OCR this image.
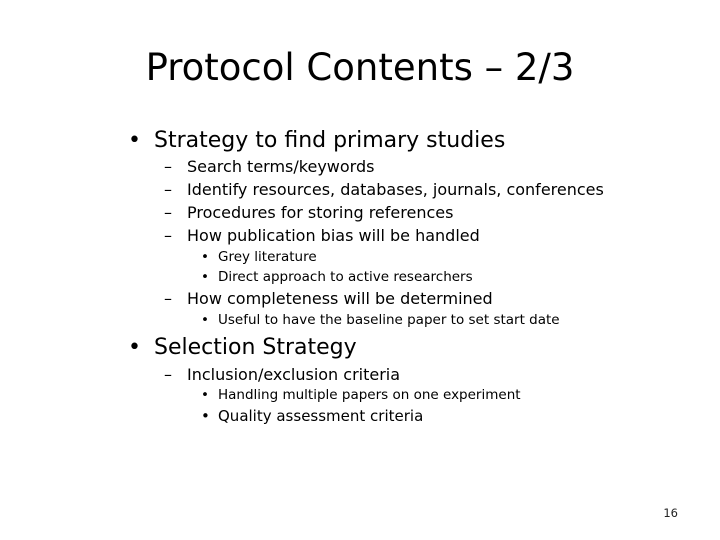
Protocol Contents – 2/3
• Strategy to find primary studies
– Search terms/keywords
– Identify resources, databases, journals, conferences
– Procedures for storing references
– How publication bias will be handled
• Grey literature
• Direct approach to active researchers
– How completeness will be determined
• Useful to have the baseline paper to set start date
• Selection Strategy
– Inclusion/exclusion criteria
• Handling multiple papers on one experiment
• Quality assessment criteria
16
